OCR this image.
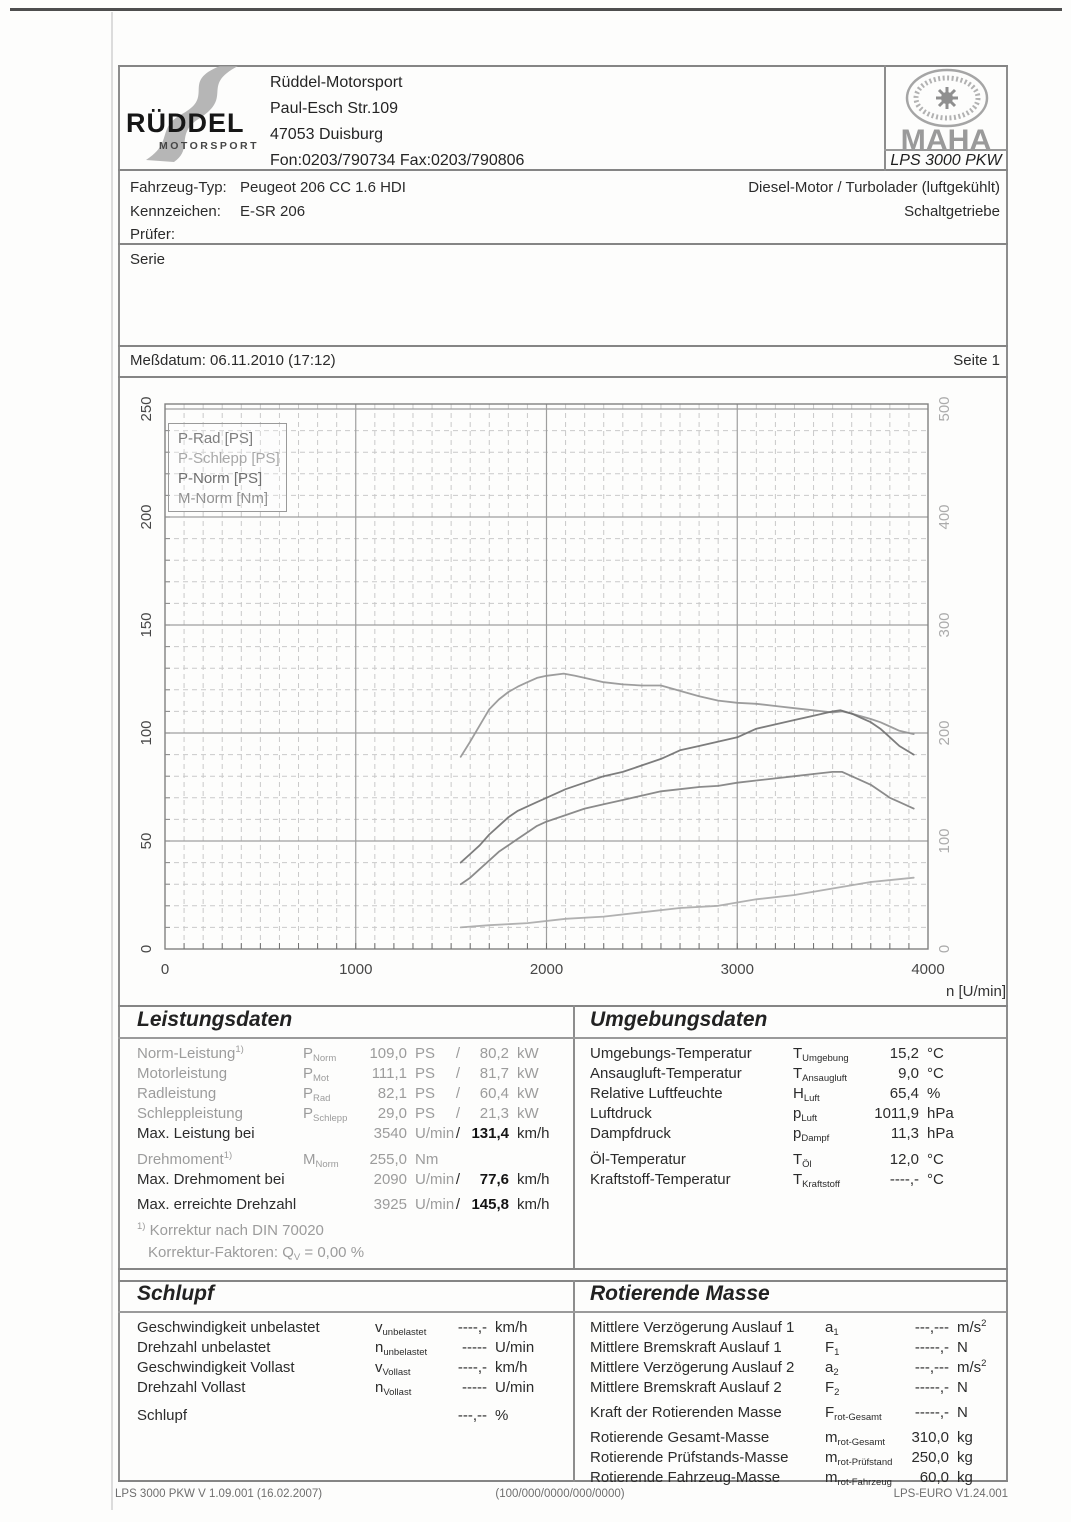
RÜDDEL
MOTORSPORT
Rüddel-Motorsport
Paul-Esch Str.109
47053 Duisburg
Fon:0203/790734 Fax:0203/790806
MAHA
LPS 3000 PKW
Fahrzeug-Typ: Peugeot 206 CC 1.6 HDI
Kennzeichen: E-SR 206
Prüfer:
Diesel-Motor / Turbolader (luftgekühlt)
Schaltgetriebe
Serie
Meßdatum: 06.11.2010 (17:12)	Seite 1
0
50
100
150
200
250
0
100
200
300
400
500
0	1000	2000	3000	4000
n [U/min]
P-Rad [PS]
P-Schlepp [PS]
P-Norm [PS]
M-Norm [Nm]
Leistungsdaten	Umgebungsdaten
Norm-Leistung$^{1)}$	$P_{Norm}$	109,0 PS	/	80,2 kW
Motorleistung	$P_{Mot}$	111,1 PS	/	81,7 kW
Radleistung	$P_{Rad}$	82,1 PS	/	60,4 kW
Schleppleistung	$P_{Schlepp}$	29,0 PS	/	21,3 kW
Max. Leistung bei	3540 U/min / 131,4 km/h
Drehmoment$^{1)}$	$M_{Norm}$	255,0 Nm
Max. Drehmoment bei	2090 U/min /	77,6 km/h
Max. erreichte Drehzahl	3925 U/min / 145,8 km/h
Umgebungs-Temperatur	$T_{Umgebung}$	15,2 °C
Ansaugluft-Temperatur	$T_{Ansaugluft}$	9,0 °C
Relative Luftfeuchte	$H_{Luft}$	65,4 %
Luftdruck	$p_{Luft}$	1011,9 hPa
Dampfdruck	$p_{Dampf}$	11,3 hPa
Öl-Temperatur	$T_{Öl}$	12,0 °C
Kraftstoff-Temperatur	$T_{Kraftstoff}$	----,- °C
$^{1)}$ Korrektur nach DIN 70020
Korrektur-Faktoren: $Q_V = 0,00$ %
Schlupf	Rotierende Masse
Geschwindigkeit unbelastet	$v_{unbelastet}$	----,- km/h
Drehzahl unbelastet	$n_{unbelastet}$	----- U/min
Geschwindigkeit Vollast	$v_{Vollast}$	----,- km/h
Drehzahl Vollast	$n_{Vollast}$	----- U/min
Schlupf	---,-- %
Mittlere Verzögerung Auslauf 1	$a_1$	---,--- $m/s^2$
Mittlere Bremskraft Auslauf 1	$F_1$	-----,- N
Mittlere Verzögerung Auslauf 2	$a_2$	---,--- $m/s^2$
Mittlere Bremskraft Auslauf 2	$F_2$	-----,- N
Kraft der Rotierenden Masse	$F_{rot-Gesamt}$	-----,- N
Rotierende Gesamt-Masse	$m_{rot-Gesamt}$	310,0 kg
Rotierende Prüfstands-Masse	$m_{rot-Prüfstand}$	250,0 kg
Rotierende Fahrzeug-Masse	$m_{rot-Fahrzeug}$	60,0 kg
LPS 3000 PKW V 1.09.001 (16.02.2007)	(100/000/0000/000/0000)	LPS-EURO V1.24.001
